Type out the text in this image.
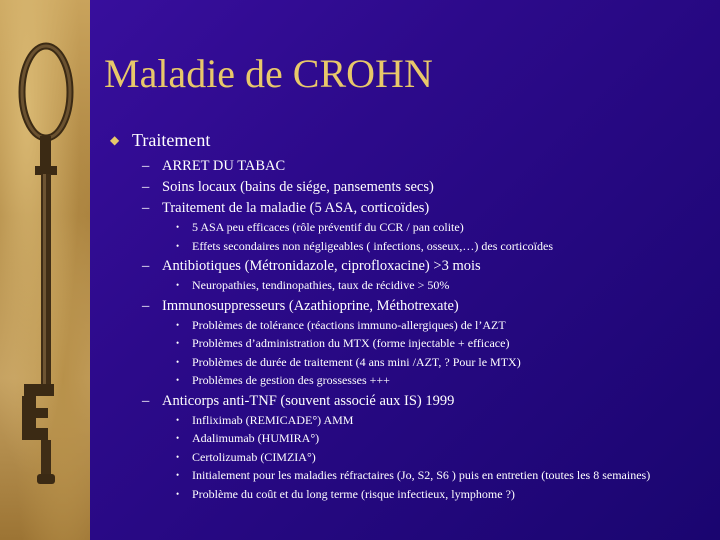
Maladie de CROHN
◆ Traitement
– ARRET DU TABAC
– Soins locaux (bains de siége, pansements secs)
– Traitement de la maladie (5 ASA, corticoïdes)
• 5 ASA peu efficaces (rôle préventif du CCR / pan colite)
• Effets secondaires non négligeables ( infections, osseux,…) des corticoïdes
– Antibiotiques (Métronidazole, ciprofloxacine) >3 mois
• Neuropathies, tendinopathies, taux de récidive > 50%
– Immunosuppresseurs (Azathioprine, Méthotrexate)
• Problèmes de tolérance (réactions immuno-allergiques) de l’AZT
• Problèmes d’administration du MTX (forme injectable + efficace)
• Problèmes de durée de traitement (4 ans mini /AZT, ? Pour le MTX)
• Problèmes de gestion des grossesses +++
– Anticorps anti-TNF (souvent associé aux IS) 1999
• Infliximab (REMICADE°) AMM
• Adalimumab (HUMIRA°)
• Certolizumab (CIMZIA°)
• Initialement pour les maladies réfractaires (Jo, S2, S6 ) puis en entretien (toutes les 8 semaines)
• Problème du coût et du long terme (risque infectieux, lymphome ?)
